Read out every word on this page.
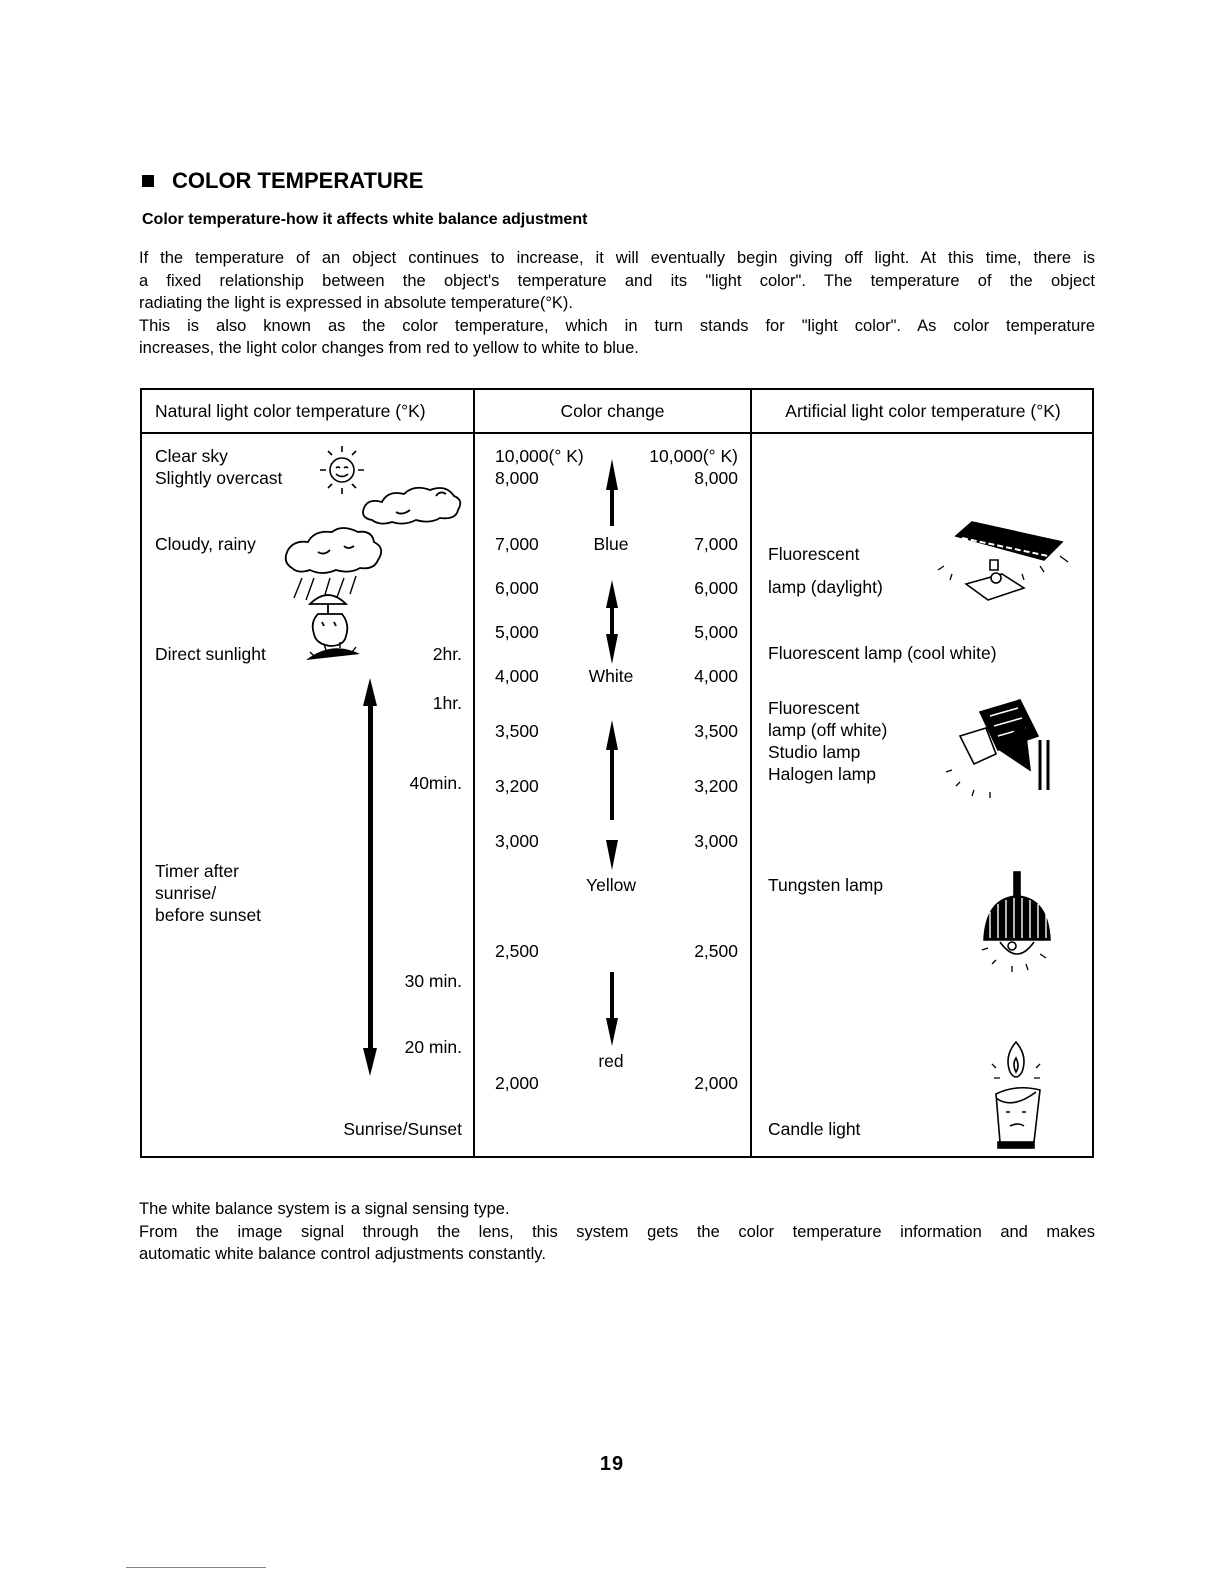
COLOR TEMPERATURE
Color temperature-how it affects white balance adjustment

If the temperature of an object continues to increase, it will eventually begin giving off light. At this time, there is

a fixed relationship between the object's temperature and its "light color". The temperature of the object

radiating the light is expressed in absolute temperature(°K).

This is also known as the color temperature, which in turn stands for "light color". As color temperature

increases, the light color changes from red to yellow to white to blue.

Natural light color temperature (°K)	Color change	Artificial light color temperature (°K)
Clear sky
Slightly overcast
Cloudy, rainy
Direct sunlight
Timer after
sunrise/
before sunset
2hr.
1hr.
40min.
30 min.
20 min.
Sunrise/Sunset
10,000(° K)
8,000
7,000
6,000
5,000
4,000
3,500
3,200
3,000
2,500
2,000
10,000(° K)
8,000
7,000
6,000
5,000
4,000
3,500
3,200
3,000
2,500
2,000
Blue
White
Yellow
red
Fluorescent
lamp (daylight)
Fluorescent lamp (cool white)
Fluorescent
lamp (off white)
Studio lamp
Halogen lamp
Tungsten lamp
Candle light

The white balance system is a signal sensing type.

From the image signal through the lens, this system gets the color temperature information and makes

automatic white balance control adjustments constantly.

19
